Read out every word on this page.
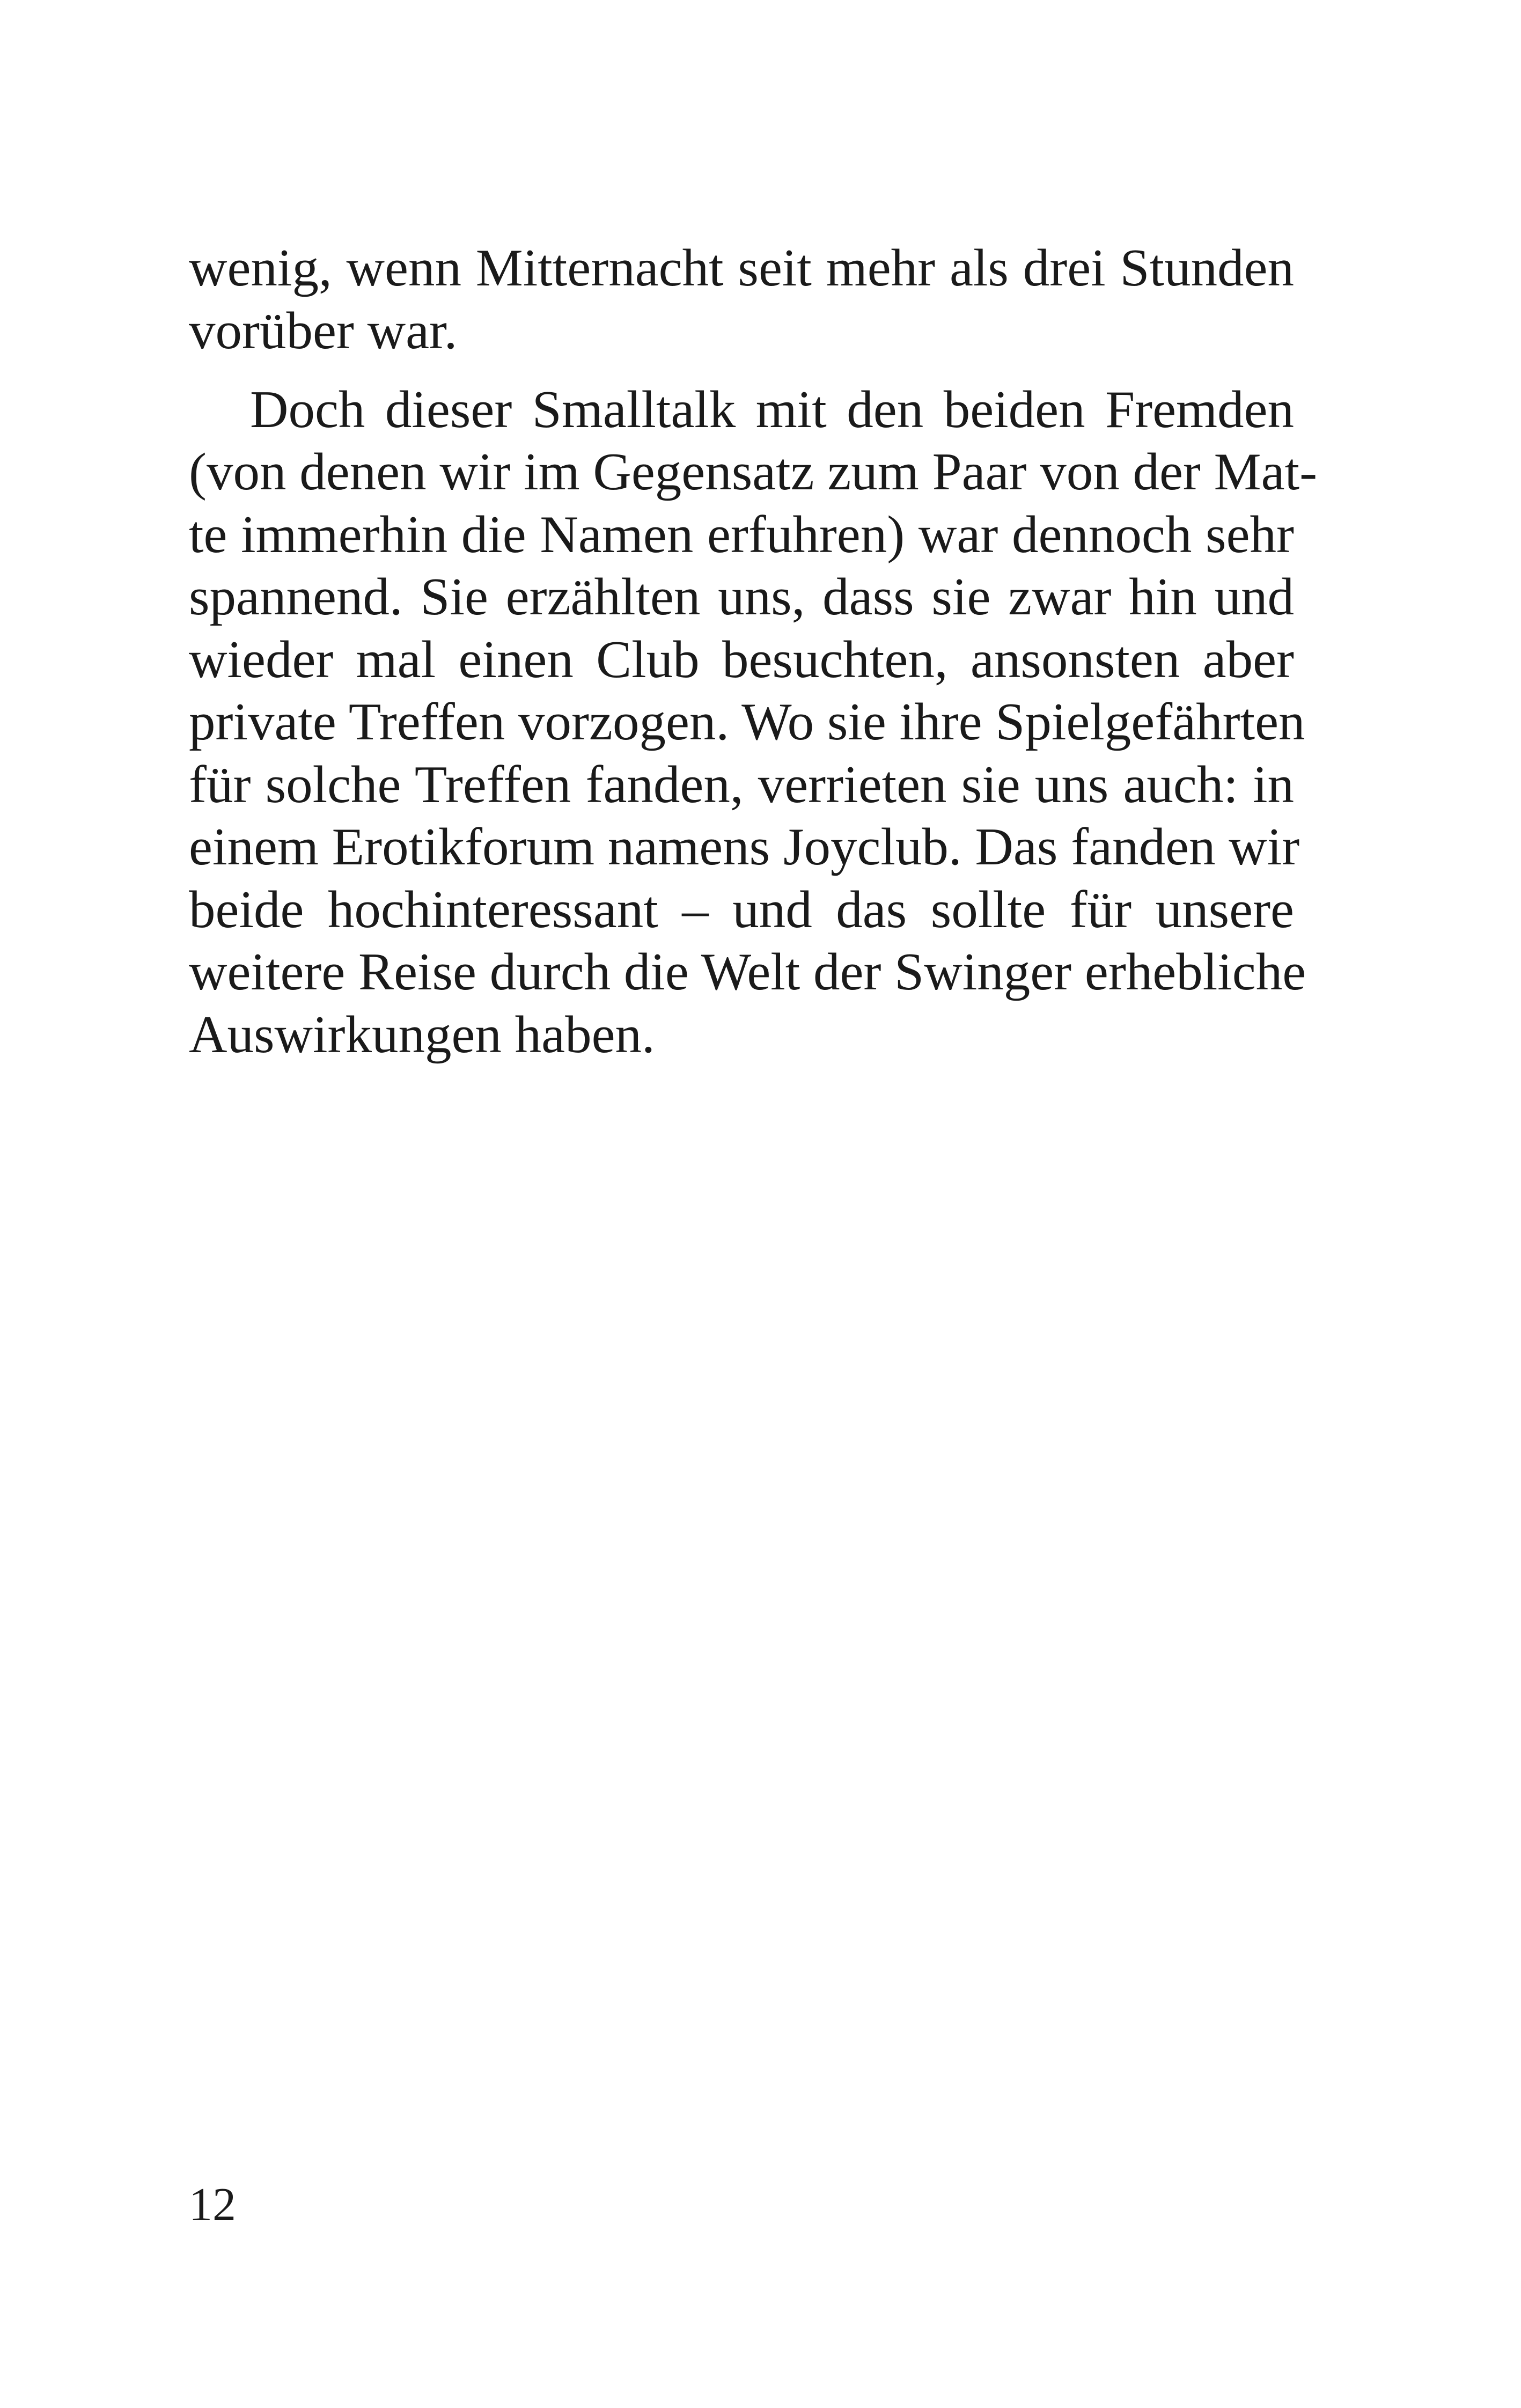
wenig, wenn Mitternacht seit mehr als drei Stunden
vorüber war.
Doch dieser Smalltalk mit den beiden Fremden
(von denen wir im Gegensatz zum Paar von der Mat-
te immerhin die Namen erfuhren) war dennoch sehr
spannend. Sie erzählten uns, dass sie zwar hin und
wieder mal einen Club besuchten, ansonsten aber
private Treffen vorzogen. Wo sie ihre Spielgefährten
für solche Treffen fanden, verrieten sie uns auch: in
einem Erotikforum namens Joyclub. Das fanden wir
beide hochinteressant – und das sollte für unsere
weitere Reise durch die Welt der Swinger erhebliche
Auswirkungen haben.
12
